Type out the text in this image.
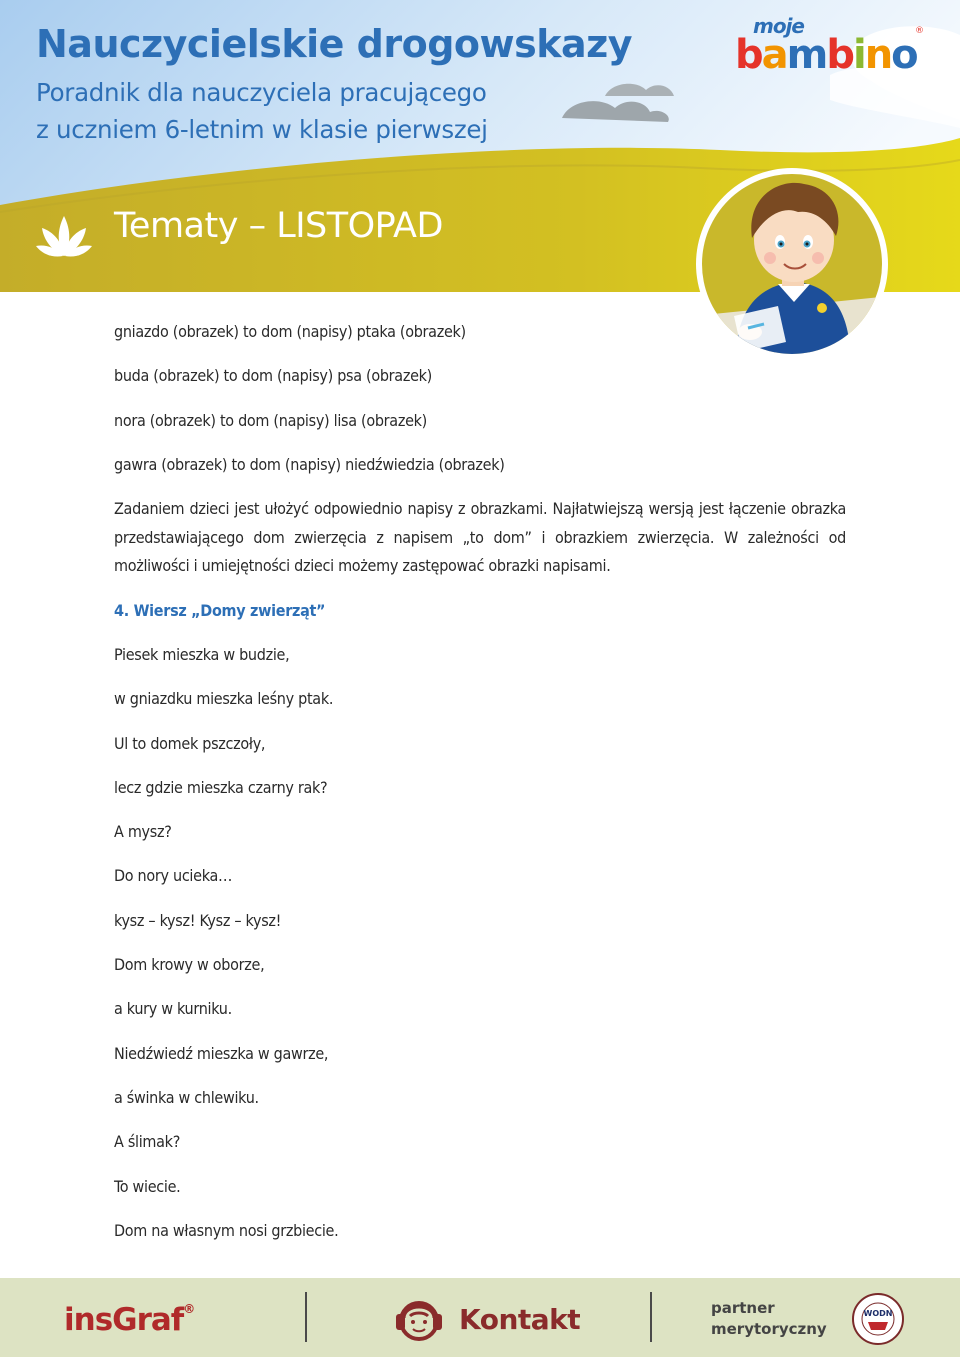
Nauczycielskie drogowskazy
Poradnik dla nauczyciela pracującego
z uczniem 6-letnim w klasie pierwszej
Tematy – LISTOPAD
moje
bambino
®
gniazdo (obrazek) to dom (napisy) ptaka (obrazek)
buda (obrazek) to dom (napisy) psa (obrazek)
nora (obrazek) to dom (napisy) lisa (obrazek)
gawra (obrazek) to dom (napisy) niedźwiedzia (obrazek)

Zadaniem dzieci jest ułożyć odpowiednio napisy z obrazkami. Najłatwiejszą wersją jest łączenie obrazka przedstawiającego dom zwierzęcia z napisem „to dom” i obrazkiem zwierzęcia. W zależności od możliwości i umiejętności dzieci możemy zastępować obrazki napisami.

4. Wiersz „Domy zwierząt”
Piesek mieszka w budzie,
w gniazdku mieszka leśny ptak.
Ul to domek pszczoły,
lecz gdzie mieszka czarny rak?
A mysz?
Do nory ucieka…
kysz – kysz! Kysz – kysz!
Dom krowy w oborze,
a kury w kurniku.
Niedźwiedź mieszka w gawrze,
a świnka w chlewiku.
A ślimak?
To wiecie.
Dom na własnym nosi grzbiecie.
insGraf®	Kontakt	partner
merytoryczny
WODN
